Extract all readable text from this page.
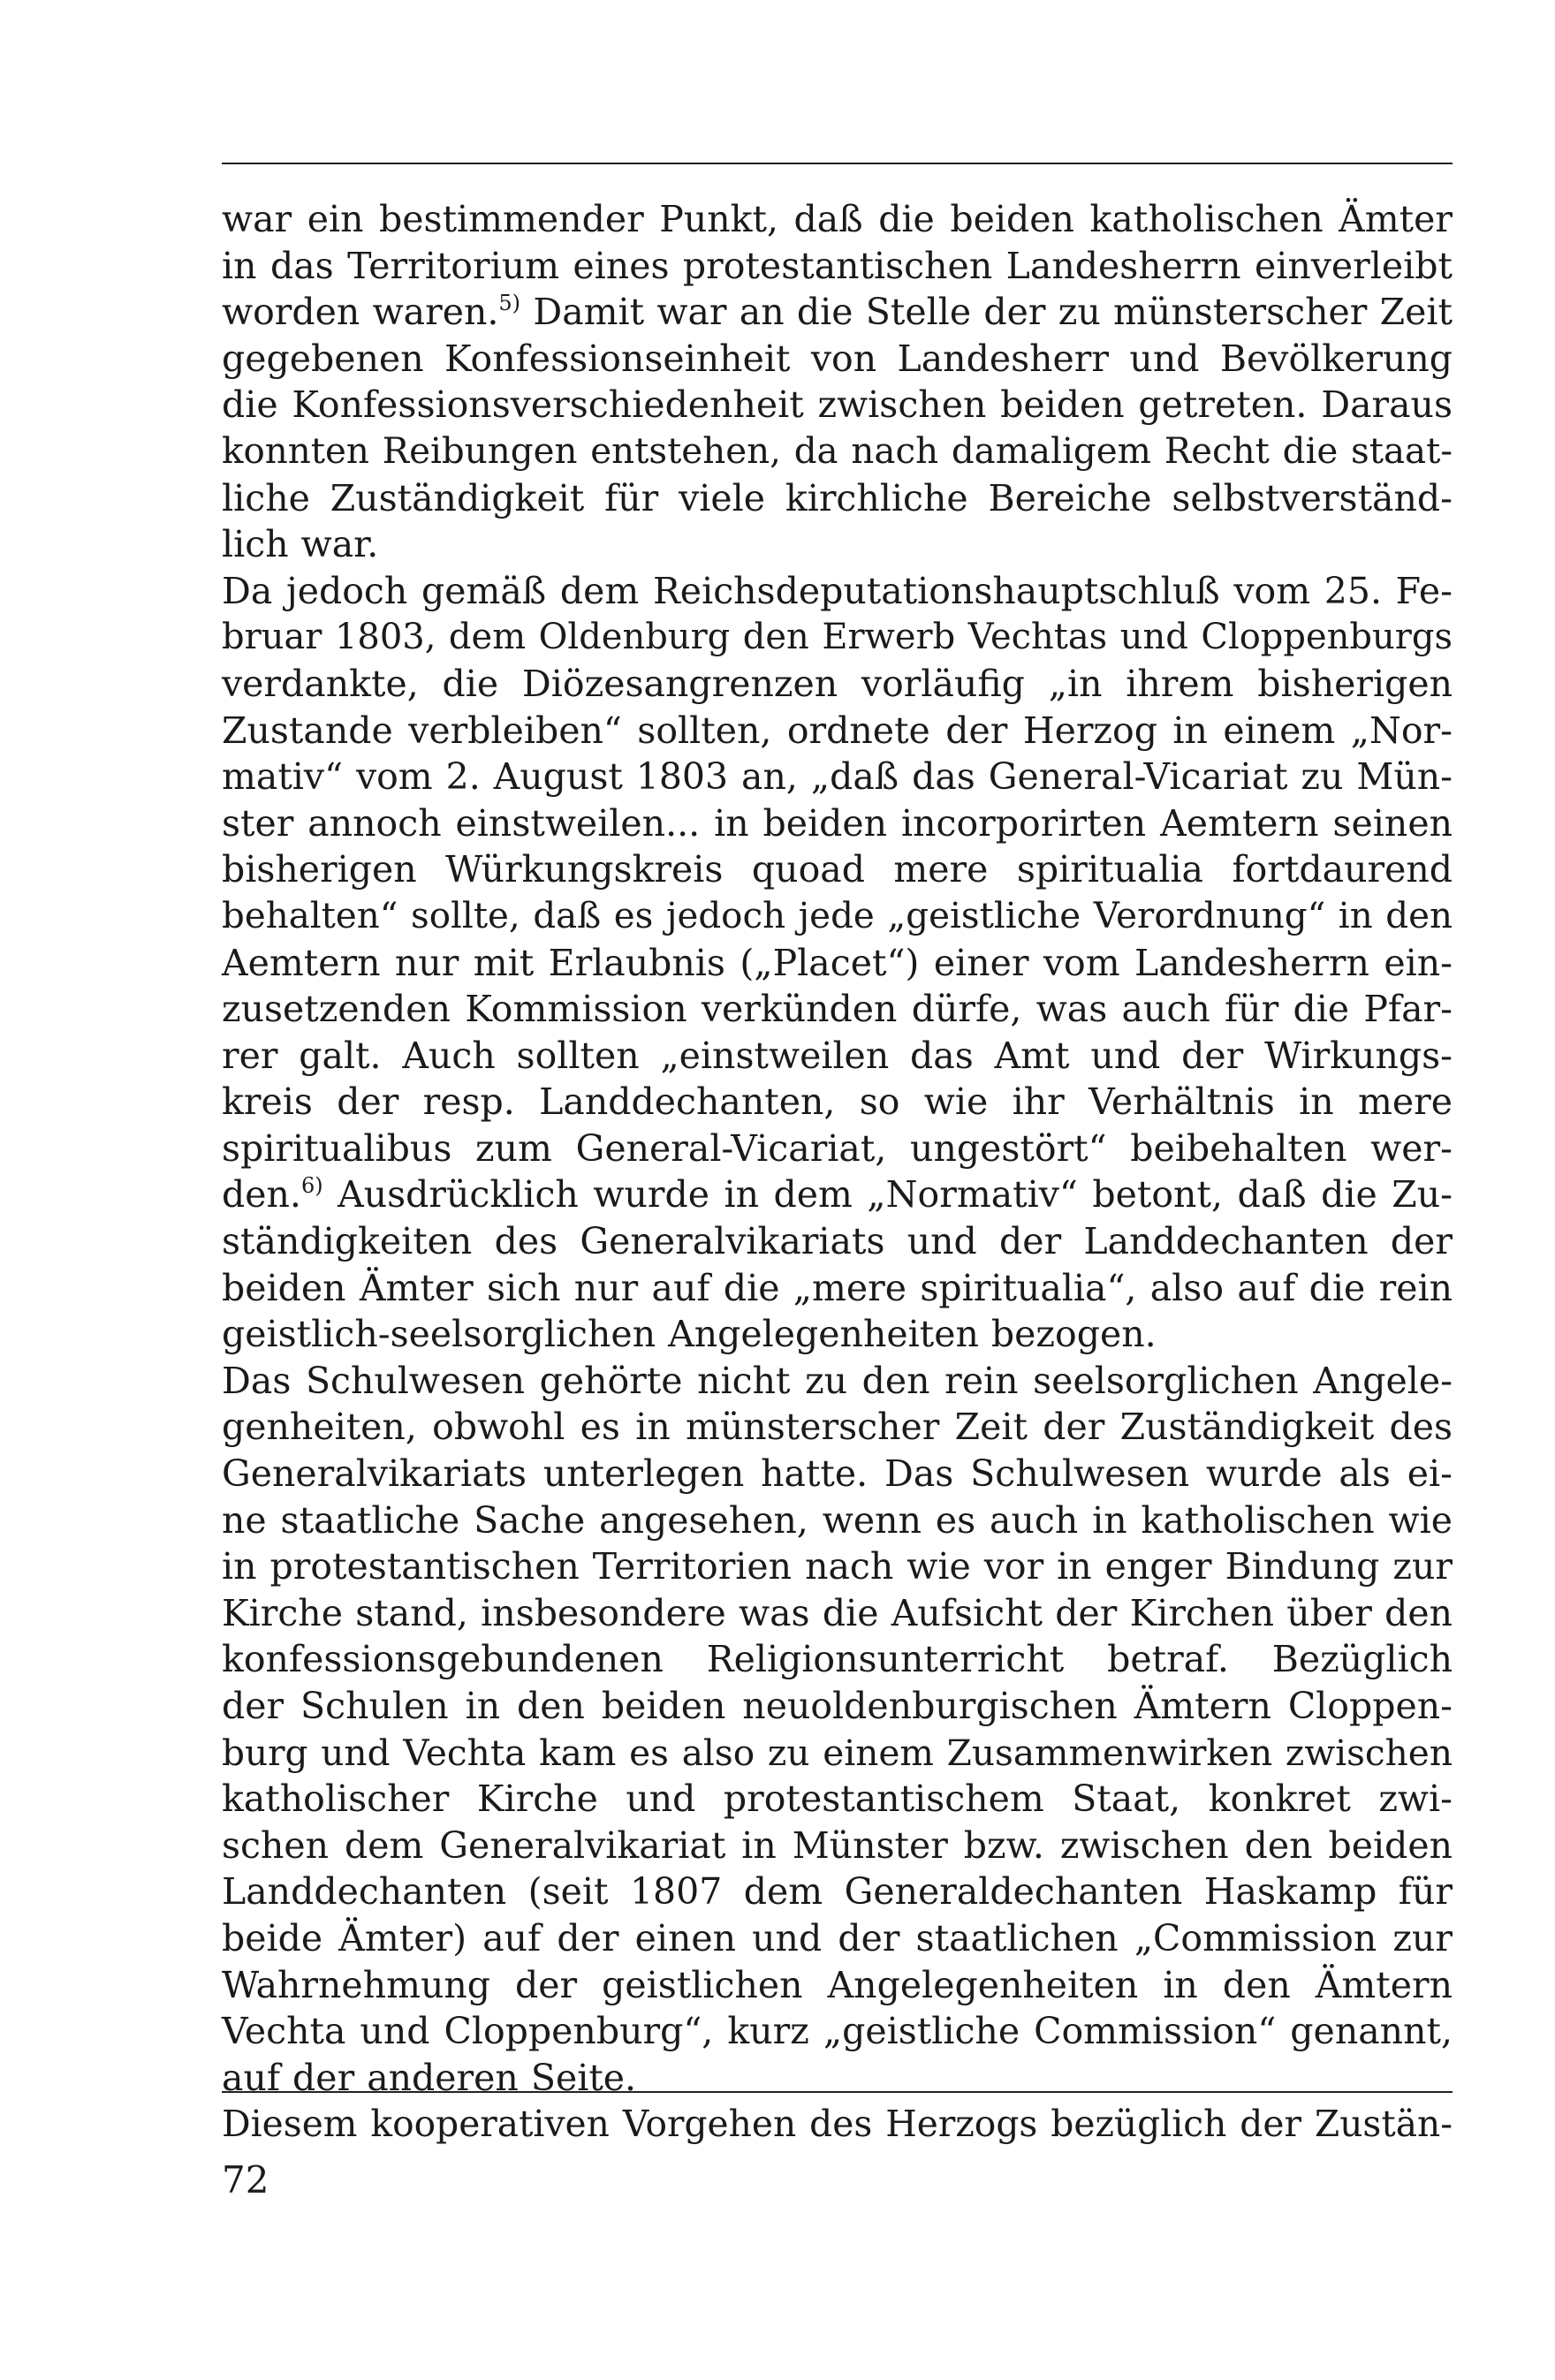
war ein bestimmender Punkt, daß die beiden katholischen Ämter
in das Territorium eines protestantischen Landesherrn einverleibt
worden waren.$^{5)}$ Damit war an die Stelle der zu münsterscher Zeit
gegebenen Konfessionseinheit von Landesherr und Bevölkerung
die Konfessionsverschiedenheit zwischen beiden getreten. Daraus
konnten Reibungen entstehen, da nach damaligem Recht die staat-
liche Zuständigkeit für viele kirchliche Bereiche selbstverständ-
lich war.
Da jedoch gemäß dem Reichsdeputationshauptschluß vom 25. Fe-
bruar 1803, dem Oldenburg den Erwerb Vechtas und Cloppenburgs
verdankte, die Diözesangrenzen vorläufig „in ihrem bisherigen
Zustande verbleiben“ sollten, ordnete der Herzog in einem „Nor-
mativ“ vom 2. August 1803 an, „daß das General-Vicariat zu Mün-
ster annoch einstweilen... in beiden incorporirten Aemtern seinen
bisherigen Würkungskreis quoad mere spiritualia fortdaurend
behalten“ sollte, daß es jedoch jede „geistliche Verordnung“ in den
Aemtern nur mit Erlaubnis („Placet“) einer vom Landesherrn ein-
zusetzenden Kommission verkünden dürfe, was auch für die Pfar-
rer galt. Auch sollten „einstweilen das Amt und der Wirkungs-
kreis der resp. Landdechanten, so wie ihr Verhältnis in mere
spiritualibus zum General-Vicariat, ungestört“ beibehalten wer-
den.$^{6)}$ Ausdrücklich wurde in dem „Normativ“ betont, daß die Zu-
ständigkeiten des Generalvikariats und der Landdechanten der
beiden Ämter sich nur auf die „mere spiritualia“, also auf die rein
geistlich-seelsorglichen Angelegenheiten bezogen.
Das Schulwesen gehörte nicht zu den rein seelsorglichen Angele-
genheiten, obwohl es in münsterscher Zeit der Zuständigkeit des
Generalvikariats unterlegen hatte. Das Schulwesen wurde als ei-
ne staatliche Sache angesehen, wenn es auch in katholischen wie
in protestantischen Territorien nach wie vor in enger Bindung zur
Kirche stand, insbesondere was die Aufsicht der Kirchen über den
konfessionsgebundenen Religionsunterricht betraf. Bezüglich
der Schulen in den beiden neuoldenburgischen Ämtern Cloppen-
burg und Vechta kam es also zu einem Zusammenwirken zwischen
katholischer Kirche und protestantischem Staat, konkret zwi-
schen dem Generalvikariat in Münster bzw. zwischen den beiden
Landdechanten (seit 1807 dem Generaldechanten Haskamp für
beide Ämter) auf der einen und der staatlichen „Commission zur
Wahrnehmung der geistlichen Angelegenheiten in den Ämtern
Vechta und Cloppenburg“, kurz „geistliche Commission“ genannt,
auf der anderen Seite.
Diesem kooperativen Vorgehen des Herzogs bezüglich der Zustän-
72
